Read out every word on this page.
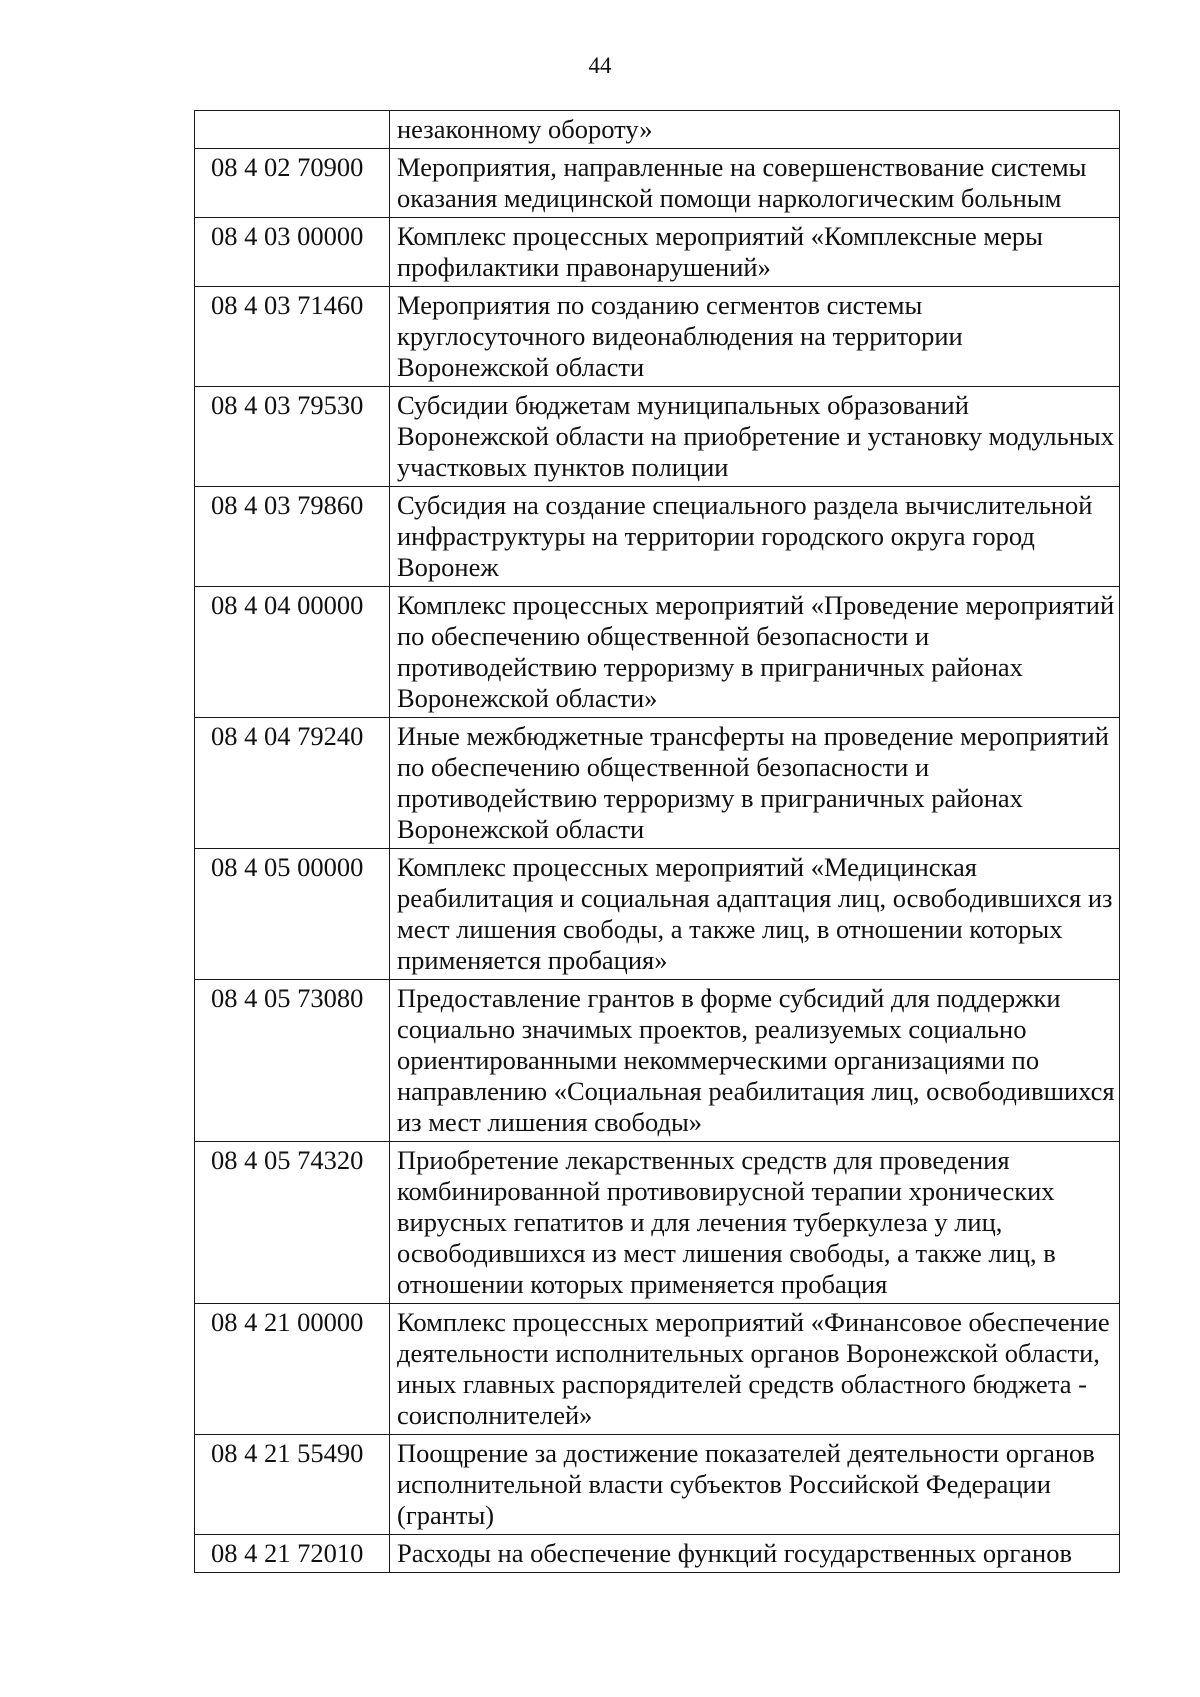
44
	незаконному обороту»
08 4 02 70900	Мероприятия, направленные на совершенствование системы оказания медицинской помощи наркологическим больным
08 4 03 00000	Комплекс процессных мероприятий «Комплексные меры профилактики правонарушений»
08 4 03 71460	Мероприятия по созданию сегментов системы круглосуточного видеонаблюдения на территории Воронежской области
08 4 03 79530	Субсидии бюджетам муниципальных образований Воронежской области на приобретение и установку модульных участковых пунктов полиции
08 4 03 79860	Субсидия на создание специального раздела вычислительной инфраструктуры на территории городского округа город Воронеж
08 4 04 00000	Комплекс процессных мероприятий «Проведение мероприятий по обеспечению общественной безопасности и противодействию терроризму в приграничных районах Воронежской области»
08 4 04 79240	Иные межбюджетные трансферты на проведение мероприятий по обеспечению общественной безопасности и противодействию терроризму в приграничных районах Воронежской области
08 4 05 00000	Комплекс процессных мероприятий «Медицинская реабилитация и социальная адаптация лиц, освободившихся из мест лишения свободы, а также лиц, в отношении которых применяется пробация»
08 4 05 73080	Предоставление грантов в форме субсидий для поддержки социально значимых проектов, реализуемых социально ориентированными некоммерческими организациями по направлению «Социальная реабилитация лиц, освободившихся из мест лишения свободы»
08 4 05 74320	Приобретение лекарственных средств для проведения комбинированной противовирусной терапии хронических вирусных гепатитов и для лечения туберкулеза у лиц, освободившихся из мест лишения свободы, а также лиц, в отношении которых применяется пробация
08 4 21 00000	Комплекс процессных мероприятий «Финансовое обеспечение деятельности исполнительных органов Воронежской области, иных главных распорядителей средств областного бюджета - соисполнителей»
08 4 21 55490	Поощрение за достижение показателей деятельности органов исполнительной власти субъектов Российской Федерации (гранты)
08 4 21 72010	Расходы на обеспечение функций государственных органов
